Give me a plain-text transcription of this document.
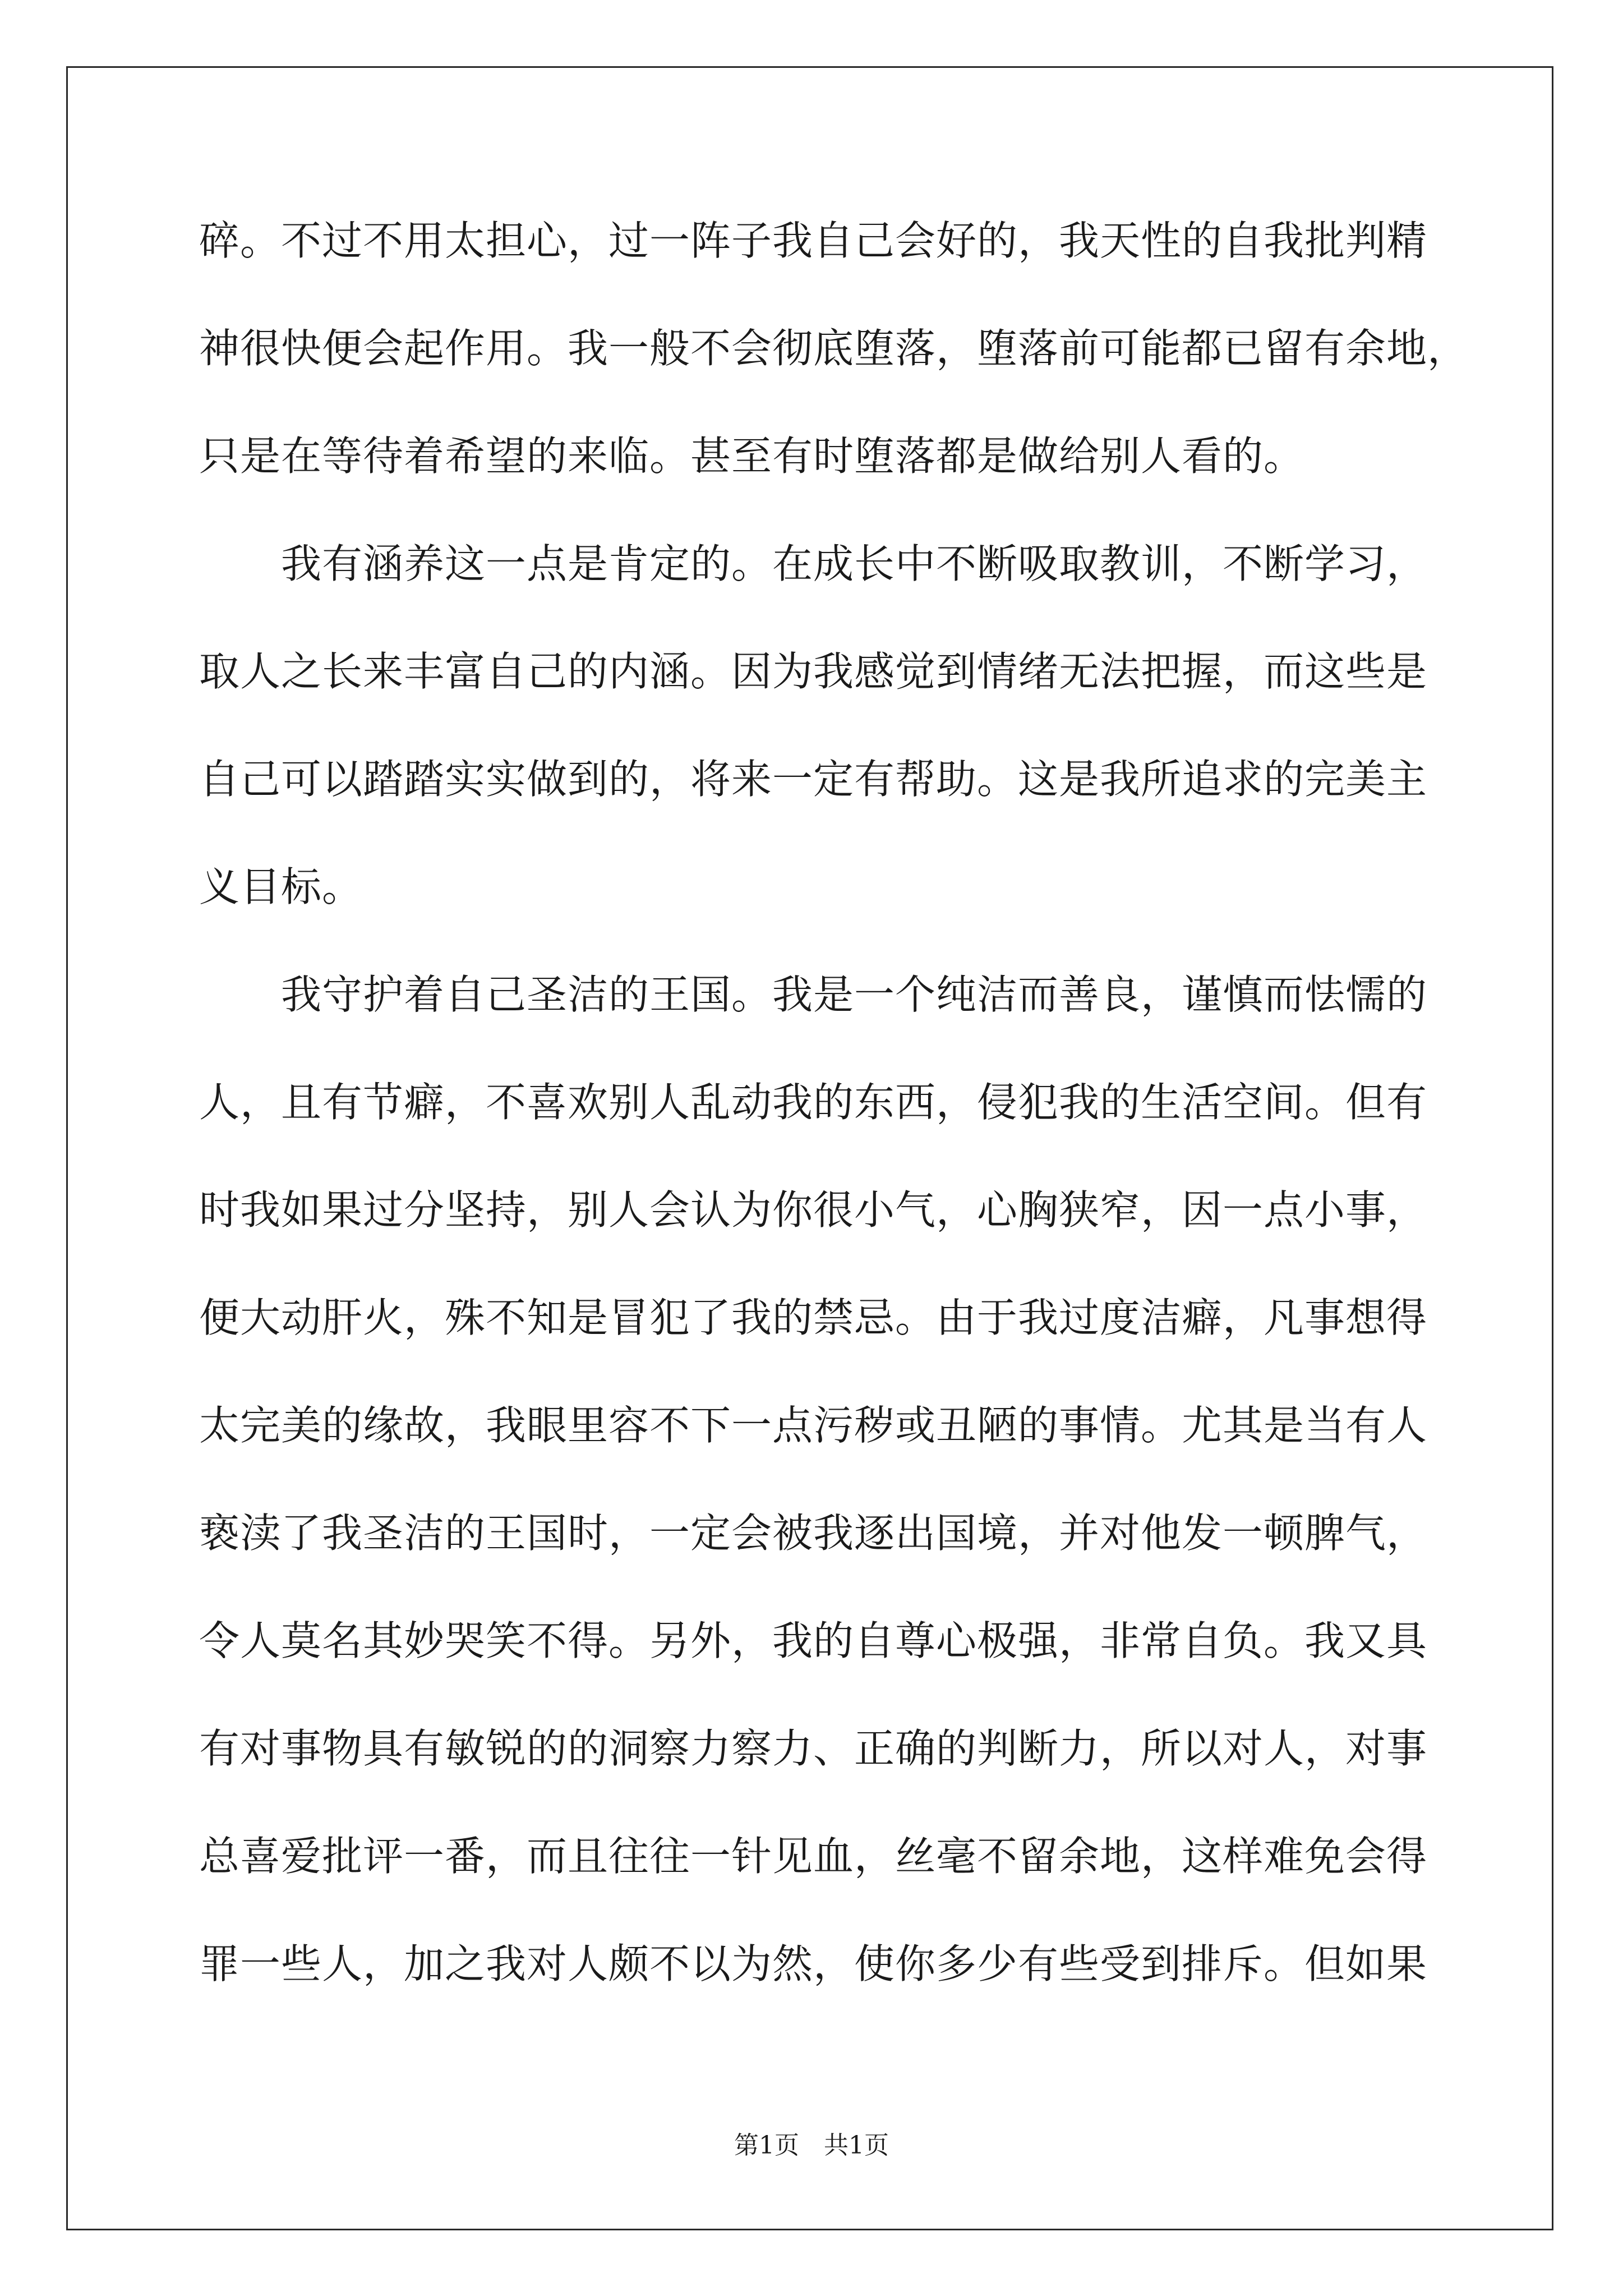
碎。不过不用太担心，过一阵子我自己会好的，我天性的自我批判精
神很快便会起作用。我一般不会彻底堕落，堕落前可能都已留有余地，
只是在等待着希望的来临。甚至有时堕落都是做给别人看的。
　　我有涵养这一点是肯定的。在成长中不断吸取教训，不断学习，
取人之长来丰富自己的内涵。因为我感觉到情绪无法把握，而这些是
自己可以踏踏实实做到的，将来一定有帮助。这是我所追求的完美主
义目标。
　　我守护着自己圣洁的王国。我是一个纯洁而善良，谨慎而怯懦的
人，且有节癖，不喜欢别人乱动我的东西，侵犯我的生活空间。但有
时我如果过分坚持，别人会认为你很小气，心胸狭窄，因一点小事，
便大动肝火，殊不知是冒犯了我的禁忌。由于我过度洁癖，凡事想得
太完美的缘故，我眼里容不下一点污秽或丑陋的事情。尤其是当有人
亵渎了我圣洁的王国时，一定会被我逐出国境，并对他发一顿脾气，
令人莫名其妙哭笑不得。另外，我的自尊心极强，非常自负。我又具
有对事物具有敏锐的的洞察力察力、正确的判断力，所以对人，对事
总喜爱批评一番，而且往往一针见血，丝毫不留余地，这样难免会得
罪一些人，加之我对人颇不以为然，使你多少有些受到排斥。但如果
第1页　共1页
